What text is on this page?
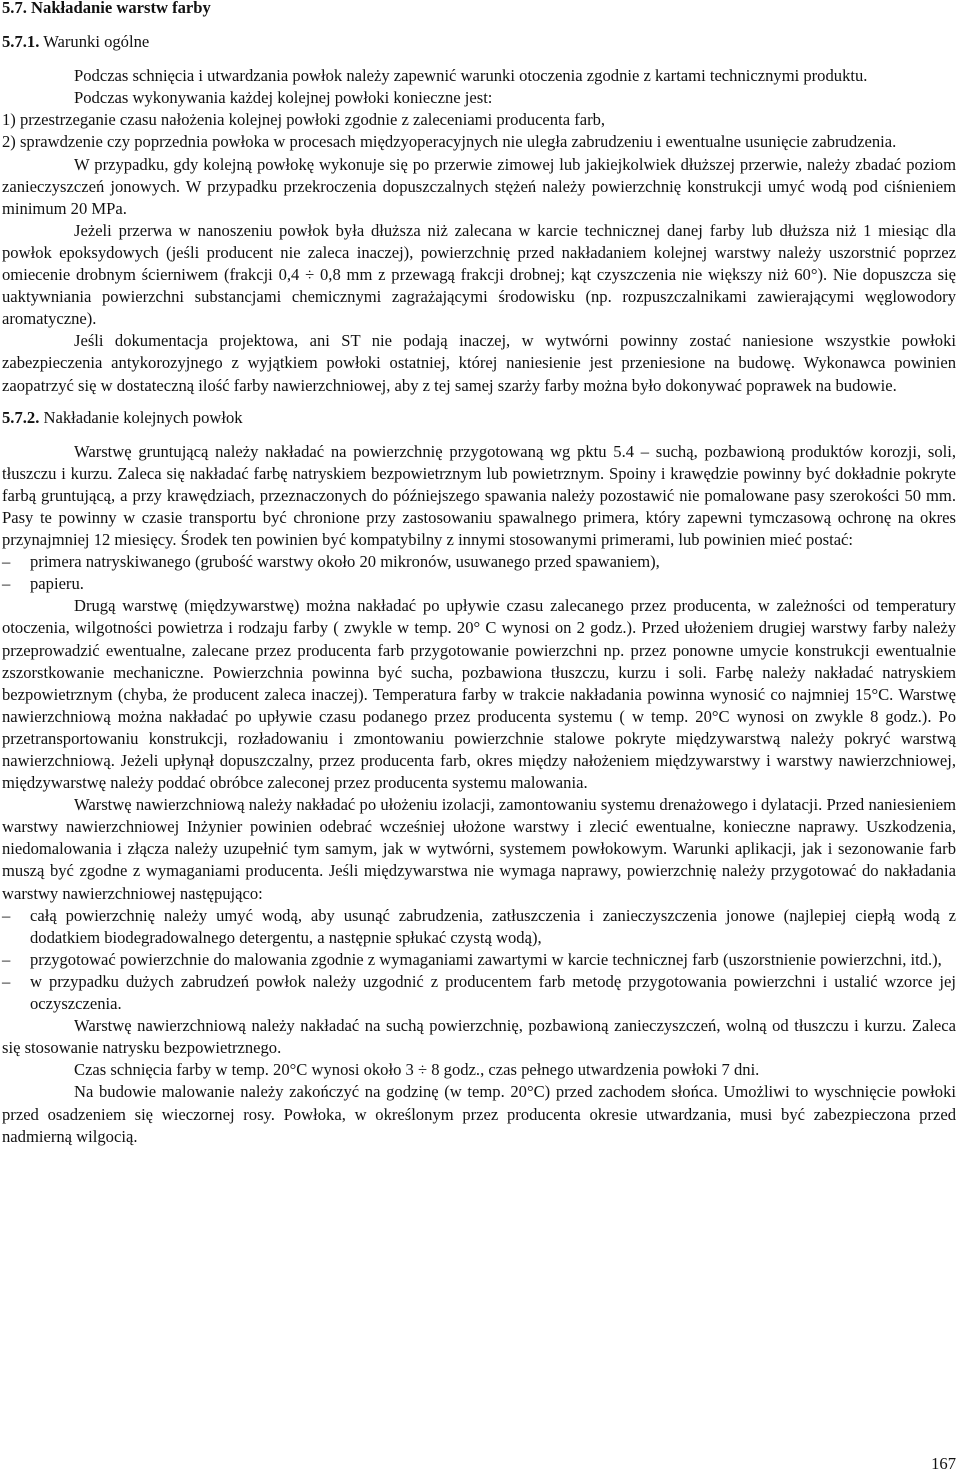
5.7. Nakładanie warstw farby

5.7.1. Warunki ogólne

Podczas schnięcia i utwardzania powłok należy zapewnić warunki otoczenia zgodnie z kartami technicznymi produktu.

Podczas wykonywania każdej kolejnej powłoki konieczne jest:

1) przestrzeganie czasu nałożenia kolejnej powłoki zgodnie z zaleceniami producenta farb,

2) sprawdzenie czy poprzednia powłoka w procesach międzyoperacyjnych nie uległa zabrudzeniu i ewentualne usunięcie zabrudzenia.

W przypadku, gdy kolejną powłokę wykonuje się po przerwie zimowej lub jakiejkolwiek dłuższej przerwie, należy zbadać poziom zanieczyszczeń jonowych. W przypadku przekroczenia dopuszczalnych stężeń należy powierzchnię konstrukcji umyć wodą pod ciśnieniem minimum 20 MPa.

Jeżeli przerwa w nanoszeniu powłok była dłuższa niż zalecana w karcie technicznej danej farby lub dłuższa niż 1 miesiąc dla powłok epoksydowych (jeśli producent nie zaleca inaczej), powierzchnię przed nakładaniem kolejnej warstwy należy uszorstnić poprzez omiecenie drobnym ścierniwem (frakcji 0,4 ÷ 0,8 mm z przewagą frakcji drobnej; kąt czyszczenia nie większy niż 60°). Nie dopuszcza się uaktywniania powierzchni substancjami chemicznymi zagrażającymi środowisku (np. rozpuszczalnikami zawierającymi węglowodory aromatyczne).

Jeśli dokumentacja projektowa, ani ST nie podają inaczej, w wytwórni powinny zostać naniesione wszystkie powłoki zabezpieczenia antykorozyjnego z wyjątkiem powłoki ostatniej, której naniesienie jest przeniesione na budowę. Wykonawca powinien zaopatrzyć się w dostateczną ilość farby nawierzchniowej, aby z tej samej szarży farby można było dokonywać poprawek na budowie.

5.7.2. Nakładanie kolejnych powłok

Warstwę gruntującą należy nakładać na powierzchnię przygotowaną wg pktu 5.4 – suchą, pozbawioną produktów korozji, soli, tłuszczu i kurzu. Zaleca się nakładać farbę natryskiem bezpowietrznym lub powietrznym. Spoiny i krawędzie powinny być dokładnie pokryte farbą gruntującą, a przy krawędziach, przeznaczonych do późniejszego spawania należy pozostawić nie pomalowane pasy szerokości 50 mm. Pasy te powinny w czasie transportu być chronione przy zastosowaniu spawalnego primera, który zapewni tymczasową ochronę na okres przynajmniej 12 miesięcy. Środek ten powinien być kompatybilny z innymi stosowanymi primerami, lub powinien mieć postać:

–	primera natryskiwanego (grubość warstwy około 20 mikronów, usuwanego przed spawaniem),
–	papieru.

Drugą warstwę (międzywarstwę) można nakładać po upływie czasu zalecanego przez producenta, w zależności od temperatury otoczenia, wilgotności powietrza i rodzaju farby ( zwykle w temp. 20° C wynosi on 2 godz.). Przed ułożeniem drugiej warstwy farby należy przeprowadzić ewentualne, zalecane przez producenta farb przygotowanie powierzchni np. przez ponowne umycie konstrukcji ewentualnie zszorstkowanie mechaniczne. Powierzchnia powinna być sucha, pozbawiona tłuszczu, kurzu i soli. Farbę należy nakładać natryskiem bezpowietrznym (chyba, że producent zaleca inaczej). Temperatura farby w trakcie nakładania powinna wynosić co najmniej 15°C. Warstwę nawierzchniową można nakładać po upływie czasu podanego przez producenta systemu ( w temp. 20°C wynosi on zwykle 8 godz.). Po przetransportowaniu konstrukcji, rozładowaniu i zmontowaniu powierzchnie stalowe pokryte międzywarstwą należy pokryć warstwą nawierzchniową. Jeżeli upłynął dopuszczalny, przez producenta farb, okres między nałożeniem międzywarstwy i warstwy nawierzchniowej, międzywarstwę należy poddać obróbce zaleconej przez producenta systemu malowania.

Warstwę nawierzchniową należy nakładać po ułożeniu izolacji, zamontowaniu systemu drenażowego i dylatacji. Przed naniesieniem warstwy nawierzchniowej Inżynier powinien odebrać wcześniej ułożone warstwy i zlecić ewentualne, konieczne naprawy. Uszkodzenia, niedomalowania i złącza należy uzupełnić tym samym, jak w wytwórni, systemem powłokowym. Warunki aplikacji, jak i sezonowanie farb muszą być zgodne z wymaganiami producenta. Jeśli międzywarstwa nie wymaga naprawy, powierzchnię należy przygotować do nakładania warstwy nawierzchniowej następująco:

–	całą powierzchnię należy umyć wodą, aby usunąć zabrudzenia, zatłuszczenia i zanieczyszczenia jonowe (najlepiej ciepłą wodą z dodatkiem biodegradowalnego detergentu, a następnie spłukać czystą wodą),
–	przygotować powierzchnie do malowania zgodnie z wymaganiami zawartymi w karcie technicznej farb (uszorstnienie powierzchni, itd.),
–	w przypadku dużych zabrudzeń powłok należy uzgodnić z producentem farb metodę przygotowania powierzchni i ustalić wzorce jej oczyszczenia.

Warstwę nawierzchniową należy nakładać na suchą powierzchnię, pozbawioną zanieczyszczeń, wolną od tłuszczu i kurzu. Zaleca się stosowanie natrysku bezpowietrznego.

Czas schnięcia farby w temp. 20°C wynosi około 3 ÷ 8 godz., czas pełnego utwardzenia powłoki 7 dni.

Na budowie malowanie należy zakończyć na godzinę (w temp. 20°C) przed zachodem słońca. Umożliwi to wyschnięcie powłoki przed osadzeniem się wieczornej rosy. Powłoka, w określonym przez producenta okresie utwardzania, musi być zabezpieczona przed nadmierną wilgocią.

167
